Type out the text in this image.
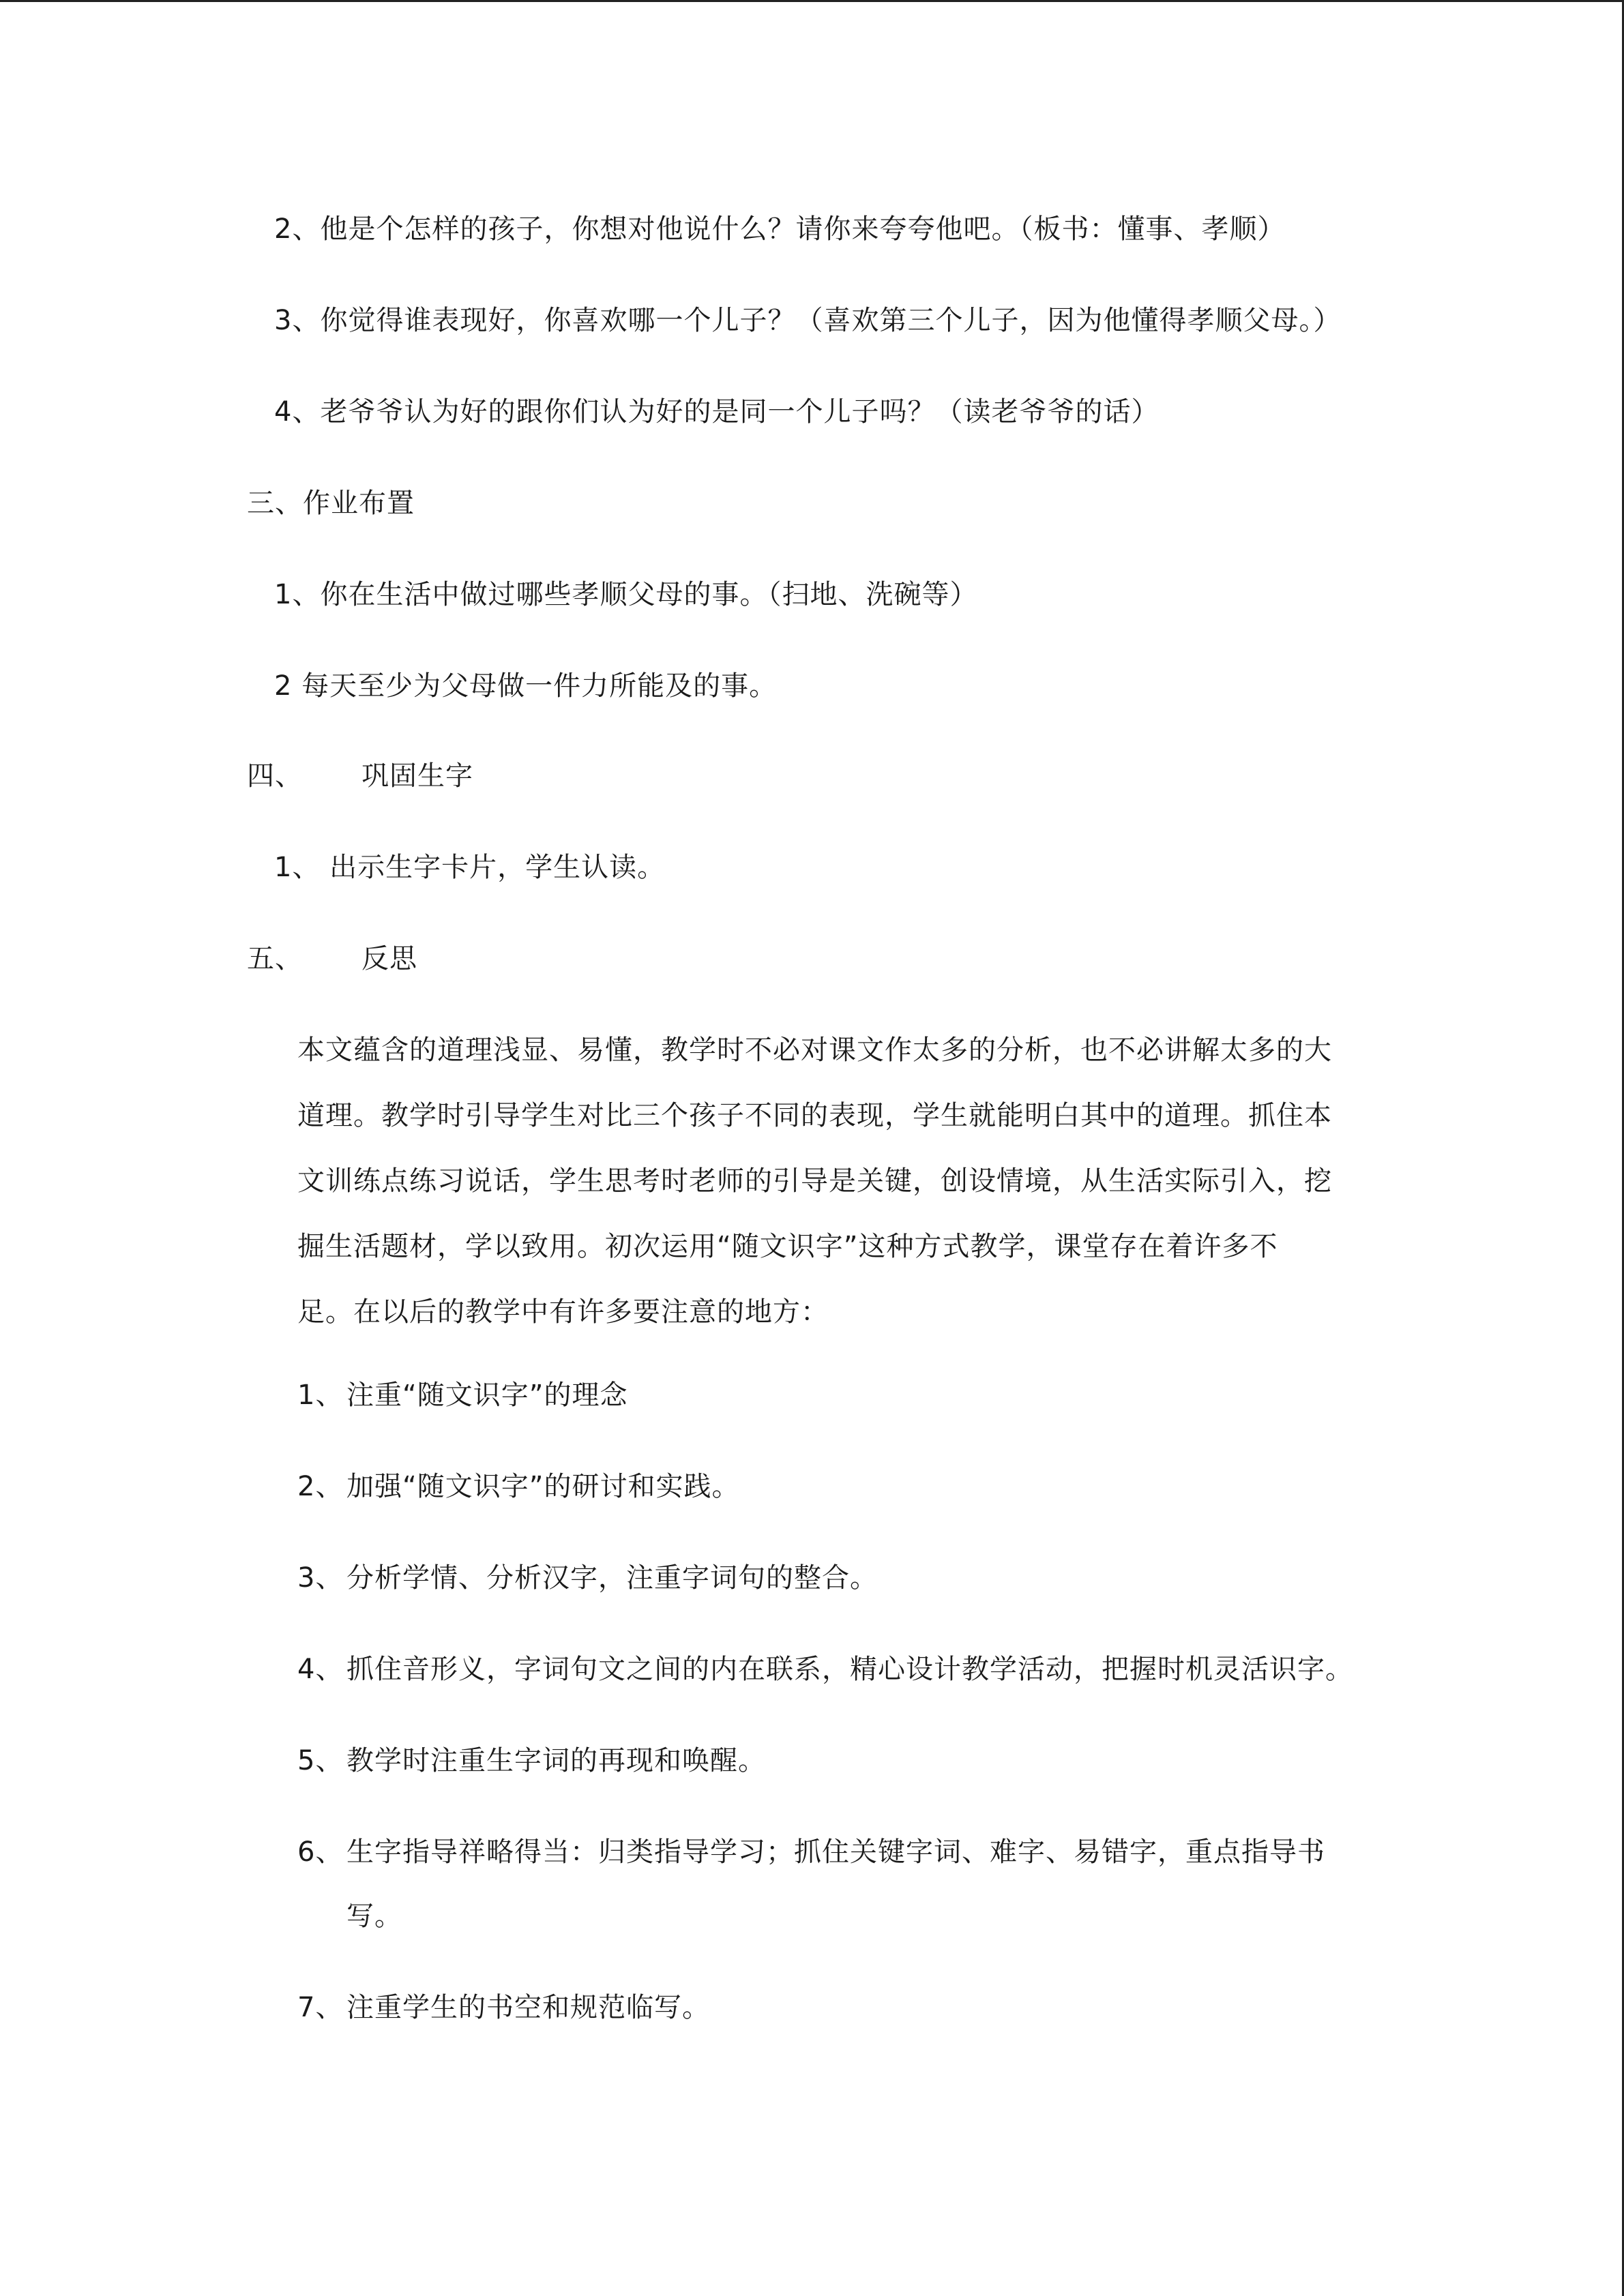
2、他是个怎样的孩子，你想对他说什么？请你来夸夸他吧。（板书：懂事、孝顺）
3、你觉得谁表现好，你喜欢哪一个儿子？（喜欢第三个儿子，因为他懂得孝顺父母。）
4、老爷爷认为好的跟你们认为好的是同一个儿子吗？（读老爷爷的话）
三、作业布置
1、你在生活中做过哪些孝顺父母的事。（扫地、洗碗等）
2 每天至少为父母做一件力所能及的事。
四、 巩固生字
1、 出示生字卡片，学生认读。
五、 反思
本文蕴含的道理浅显、易懂，教学时不必对课文作太多的分析，也不必讲解太多的大
道理。教学时引导学生对比三个孩子不同的表现，学生就能明白其中的道理。抓住本
文训练点练习说话，学生思考时老师的引导是关键，创设情境，从生活实际引入，挖
掘生活题材，学以致用。初次运用“随文识字”这种方式教学，课堂存在着许多不
足。在以后的教学中有许多要注意的地方：
1、 注重“随文识字”的理念
2、 加强“随文识字”的研讨和实践。
3、 分析学情、分析汉字，注重字词句的整合。
4、 抓住音形义，字词句文之间的内在联系，精心设计教学活动，把握时机灵活识字。
5、 教学时注重生字词的再现和唤醒。
6、 生字指导祥略得当：归类指导学习；抓住关键字词、难字、易错字，重点指导书
写。
7、 注重学生的书空和规范临写。
